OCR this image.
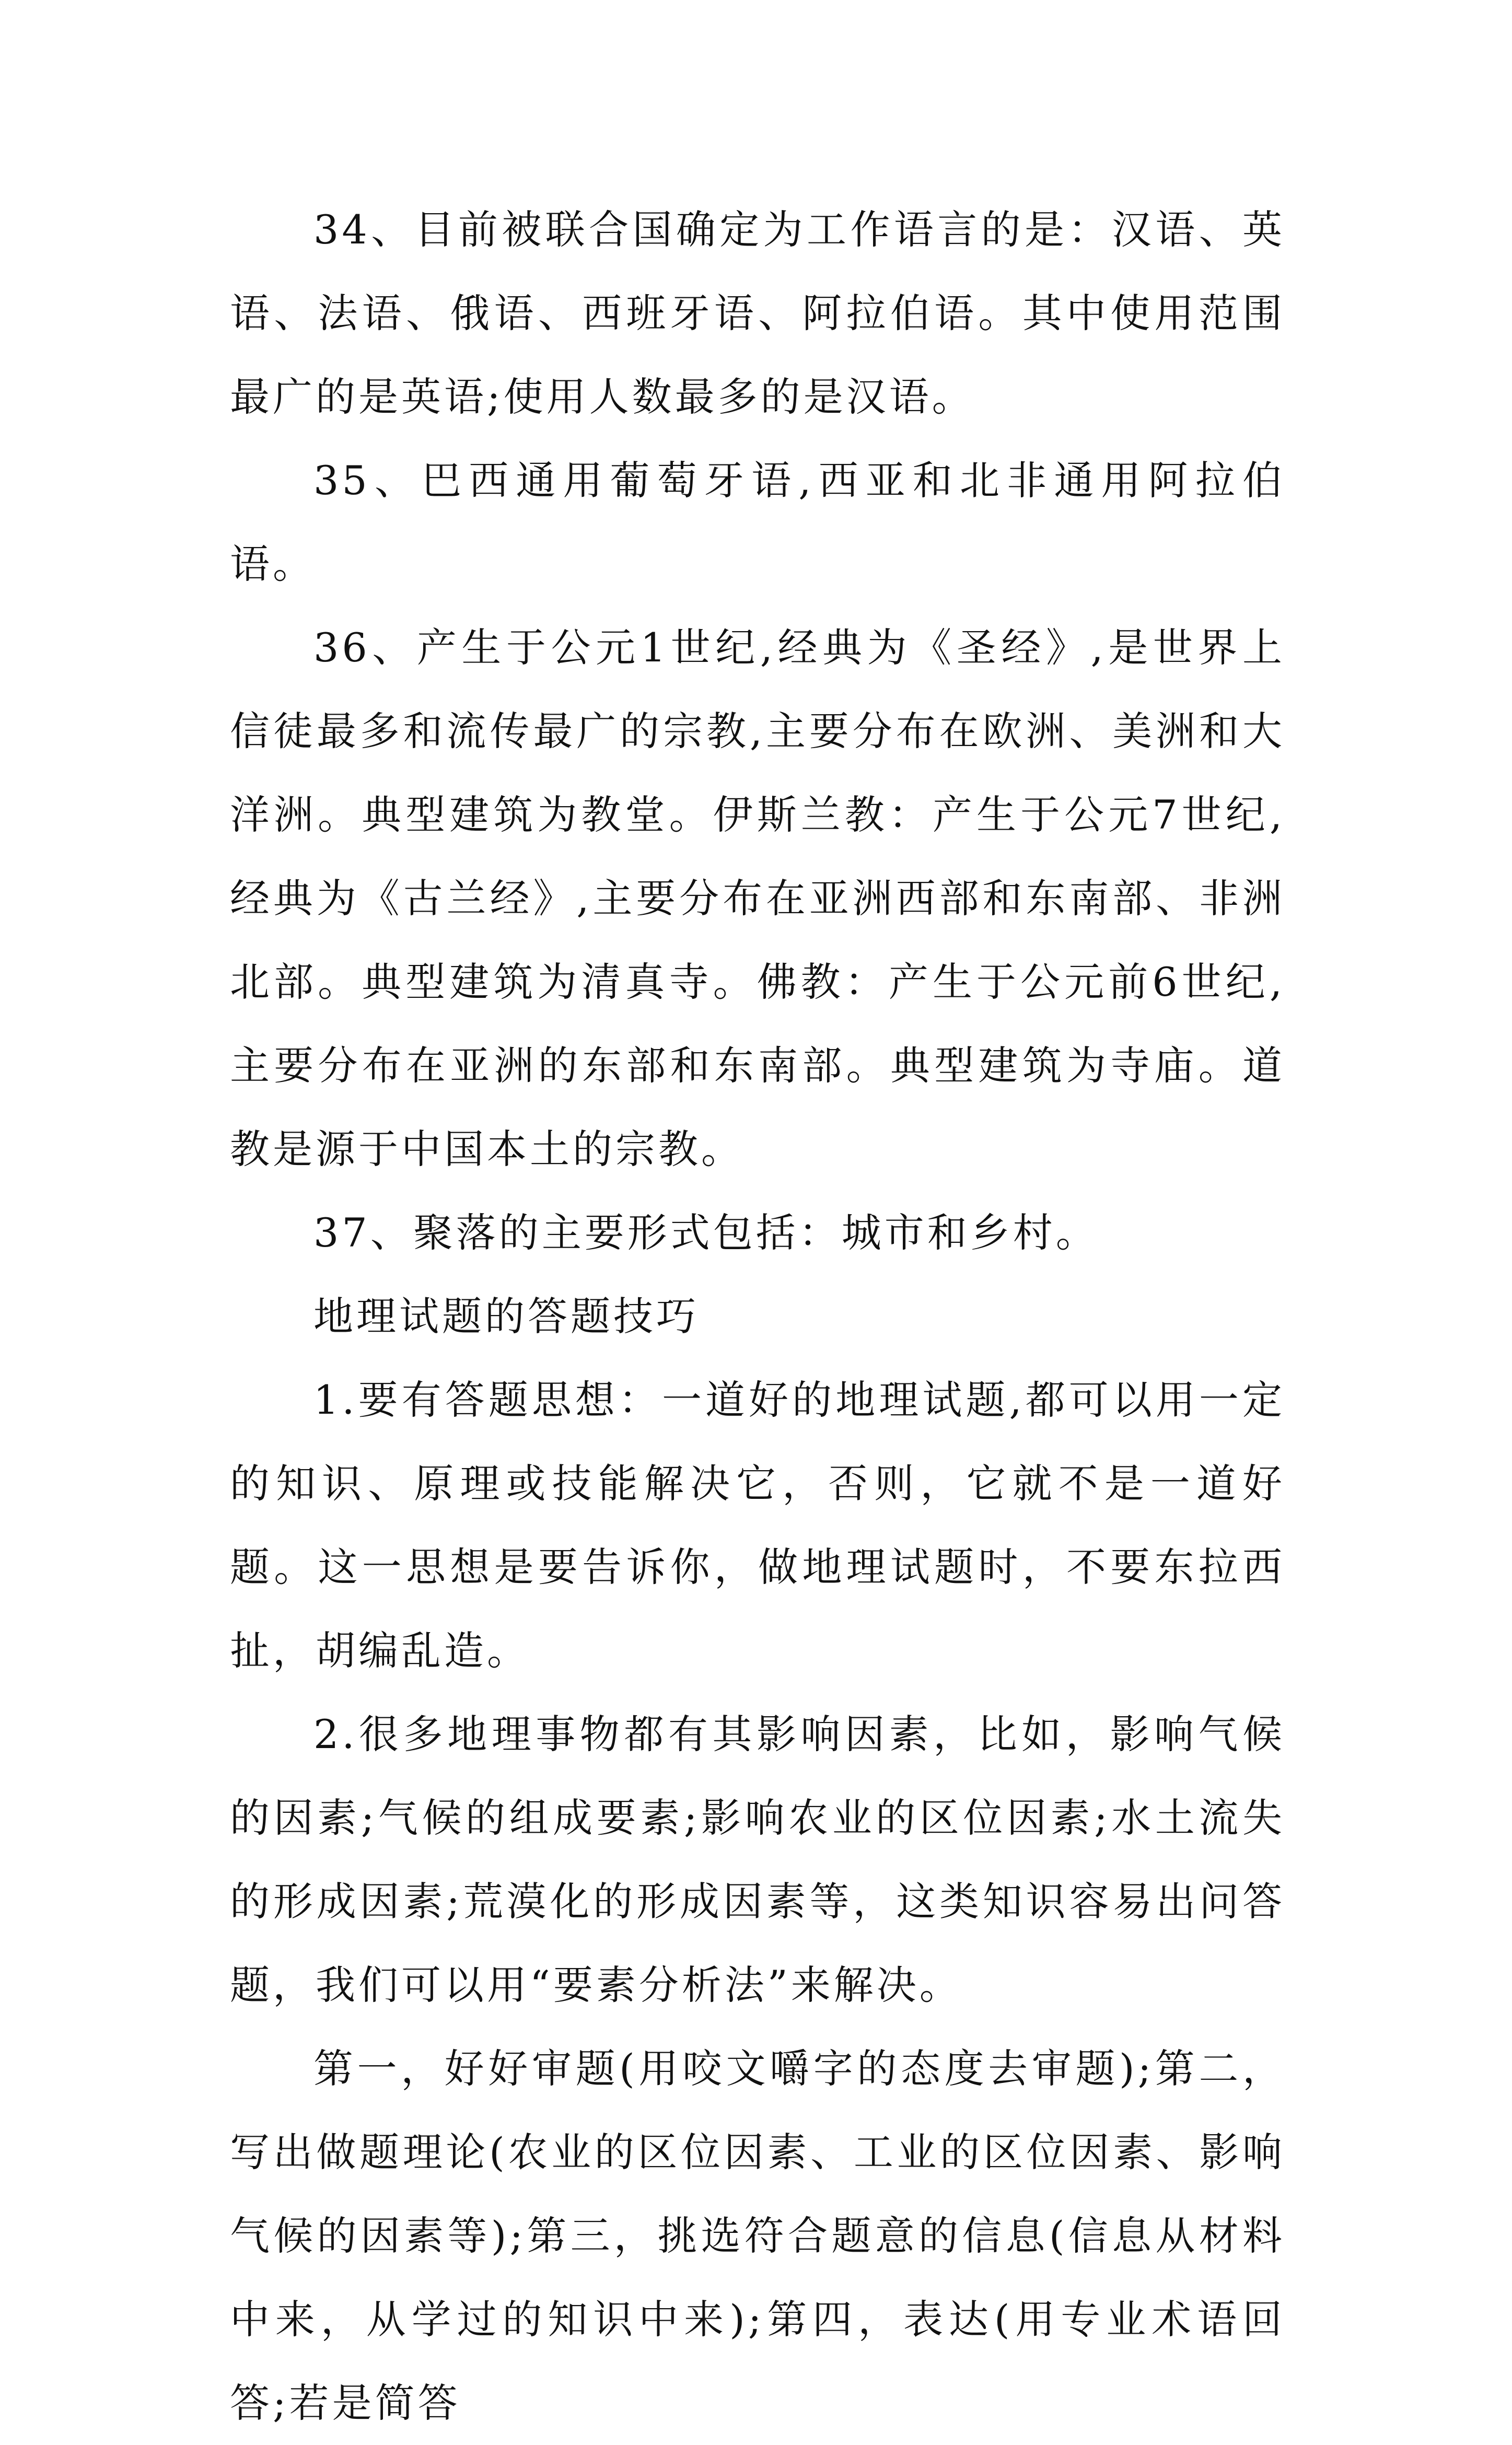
34、目前被联合国确定为工作语言的是：汉语、英语、法语、俄语、西班牙语、阿拉伯语。其中使用范围最广的是英语;使用人数最多的是汉语。

35、巴西通用葡萄牙语,西亚和北非通用阿拉伯语。

36、产生于公元1世纪,经典为《圣经》,是世界上信徒最多和流传最广的宗教,主要分布在欧洲、美洲和大洋洲。典型建筑为教堂。伊斯兰教：产生于公元7世纪,经典为《古兰经》,主要分布在亚洲西部和东南部、非洲北部。典型建筑为清真寺。佛教：产生于公元前6世纪,主要分布在亚洲的东部和东南部。典型建筑为寺庙。道教是源于中国本土的宗教。

37、聚落的主要形式包括：城市和乡村。

地理试题的答题技巧

1.要有答题思想：一道好的地理试题,都可以用一定的知识、原理或技能解决它，否则，它就不是一道好题。这一思想是要告诉你，做地理试题时，不要东拉西扯，胡编乱造。

2.很多地理事物都有其影响因素，比如，影响气候的因素;气候的组成要素;影响农业的区位因素;水土流失的形成因素;荒漠化的形成因素等，这类知识容易出问答题，我们可以用“要素分析法”来解决。

第一，好好审题(用咬文嚼字的态度去审题);第二，写出做题理论(农业的区位因素、工业的区位因素、影响气候的因素等);第三，挑选符合题意的信息(信息从材料中来，从学过的知识中来);第四，表达(用专业术语回答;若是简答
